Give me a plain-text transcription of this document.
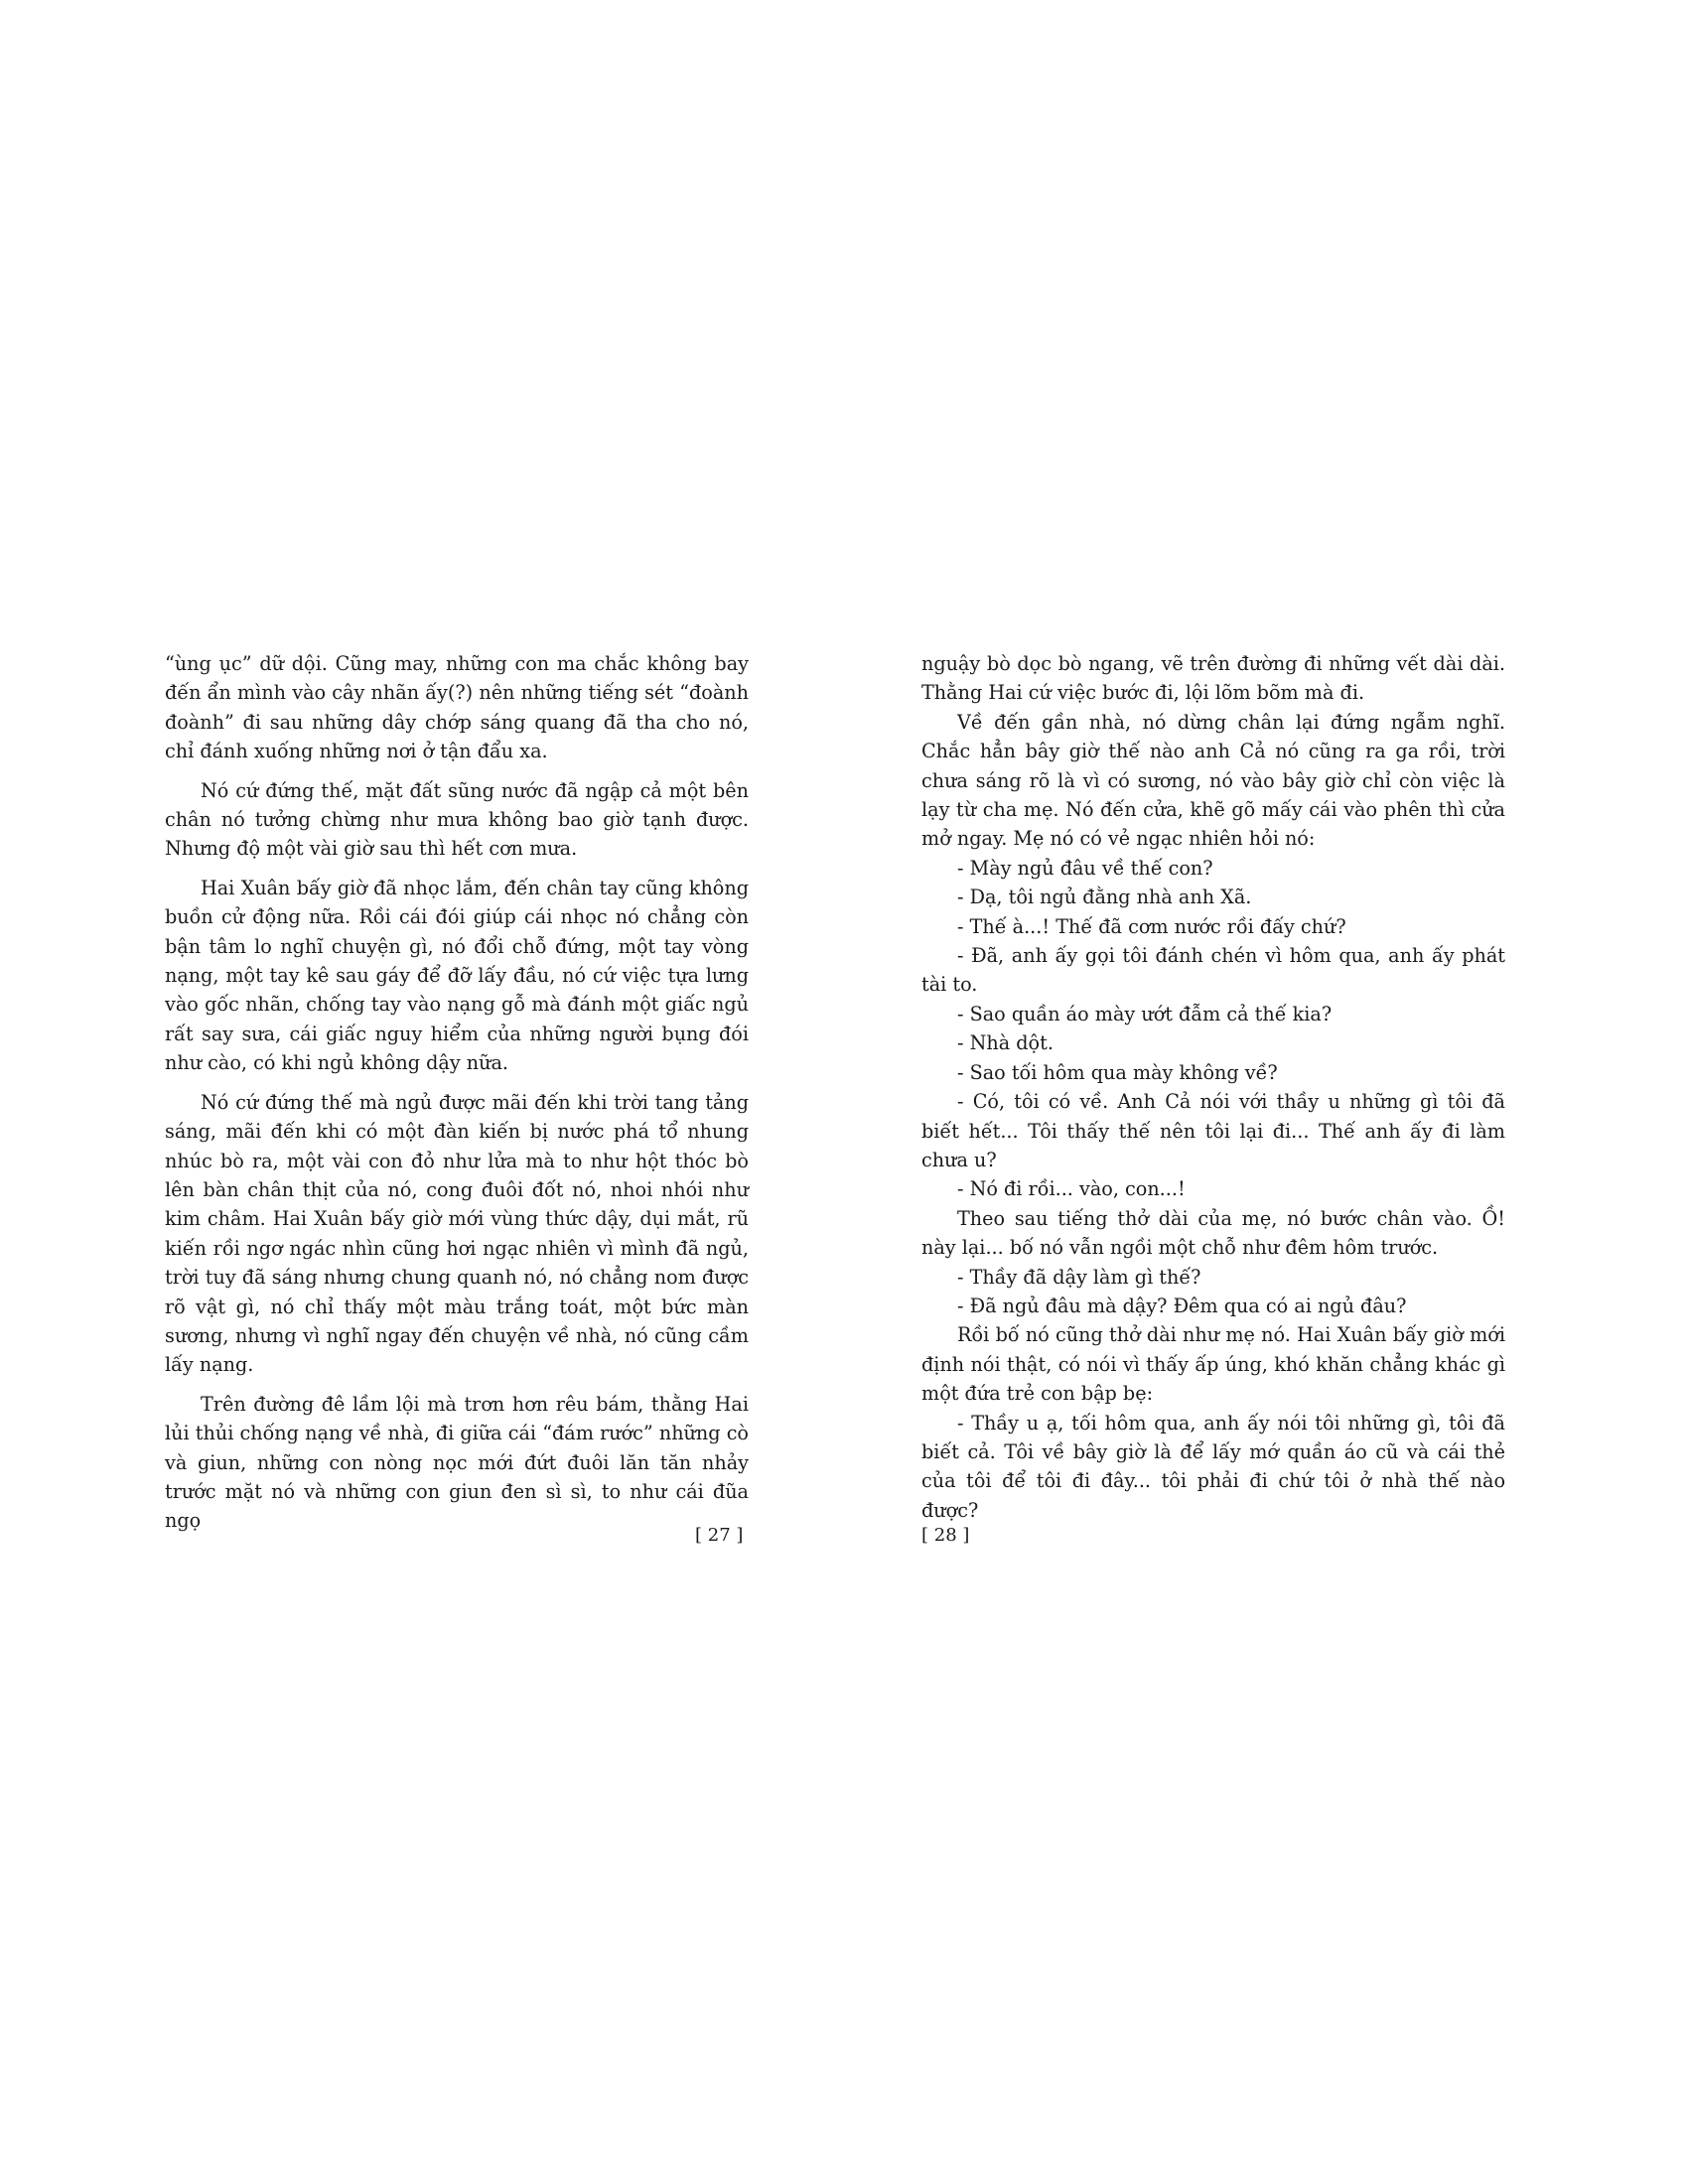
“ùng ục” dữ dội. Cũng may, những con ma chắc không bay đến ẩn mình vào cây nhãn ấy(?) nên những tiếng sét “đoành đoành” đi sau những dây chớp sáng quang đã tha cho nó, chỉ đánh xuống những nơi ở tận đẩu xa.

Nó cứ đứng thế, mặt đất sũng nước đã ngập cả một bên chân nó tưởng chừng như mưa không bao giờ tạnh được. Nhưng độ một vài giờ sau thì hết cơn mưa.

Hai Xuân bấy giờ đã nhọc lắm, đến chân tay cũng không buồn cử động nữa. Rồi cái đói giúp cái nhọc nó chẳng còn bận tâm lo nghĩ chuyện gì, nó đổi chỗ đứng, một tay vòng nạng, một tay kê sau gáy để đỡ lấy đầu, nó cứ việc tựa lưng vào gốc nhãn, chống tay vào nạng gỗ mà đánh một giấc ngủ rất say sưa, cái giấc nguy hiểm của những người bụng đói như cào, có khi ngủ không dậy nữa.

Nó cứ đứng thế mà ngủ được mãi đến khi trời tang tảng sáng, mãi đến khi có một đàn kiến bị nước phá tổ nhung nhúc bò ra, một vài con đỏ như lửa mà to như hột thóc bò lên bàn chân thịt của nó, cong đuôi đốt nó, nhoi nhói như kim châm. Hai Xuân bấy giờ mới vùng thức dậy, dụi mắt, rũ kiến rồi ngơ ngác nhìn cũng hơi ngạc nhiên vì mình đã ngủ, trời tuy đã sáng nhưng chung quanh nó, nó chẳng nom được rõ vật gì, nó chỉ thấy một màu trắng toát, một bức màn sương, nhưng vì nghĩ ngay đến chuyện về nhà, nó cũng cầm lấy nạng.

Trên đường đê lầm lội mà trơn hơn rêu bám, thằng Hai lủi thủi chống nạng về nhà, đi giữa cái “đám rước” những cò và giun, những con nòng nọc mới đứt đuôi lăn tăn nhảy trước mặt nó và những con giun đen sì sì, to như cái đũa ngọ

nguậy bò dọc bò ngang, vẽ trên đường đi những vết dài dài. Thằng Hai cứ việc bước đi, lội lõm bõm mà đi.

Về đến gần nhà, nó dừng chân lại đứng ngẫm nghĩ. Chắc hẳn bây giờ thế nào anh Cả nó cũng ra ga rồi, trời chưa sáng rõ là vì có sương, nó vào bây giờ chỉ còn việc là lạy từ cha mẹ. Nó đến cửa, khẽ gõ mấy cái vào phên thì cửa mở ngay. Mẹ nó có vẻ ngạc nhiên hỏi nó:

- Mày ngủ đâu về thế con?

- Dạ, tôi ngủ đằng nhà anh Xã.

- Thế à...! Thế đã cơm nước rồi đấy chứ?

- Đã, anh ấy gọi tôi đánh chén vì hôm qua, anh ấy phát tài to.

- Sao quần áo mày ướt đẫm cả thế kia?

- Nhà dột.

- Sao tối hôm qua mày không về?

- Có, tôi có về. Anh Cả nói với thầy u những gì tôi đã biết hết... Tôi thấy thế nên tôi lại đi... Thế anh ấy đi làm chưa u?

- Nó đi rồi... vào, con...!

Theo sau tiếng thở dài của mẹ, nó bước chân vào. Ồ! này lại... bố nó vẫn ngồi một chỗ như đêm hôm trước.

- Thầy đã dậy làm gì thế?

- Đã ngủ đâu mà dậy? Đêm qua có ai ngủ đâu?

Rồi bố nó cũng thở dài như mẹ nó. Hai Xuân bấy giờ mới định nói thật, có nói vì thấy ấp úng, khó khăn chẳng khác gì một đứa trẻ con bập bẹ:

- Thầy u ạ, tối hôm qua, anh ấy nói tôi những gì, tôi đã biết cả. Tôi về bây giờ là để lấy mớ quần áo cũ và cái thẻ của tôi để tôi đi đây... tôi phải đi chứ tôi ở nhà thế nào được?

[ 27 ]	[ 28 ]
